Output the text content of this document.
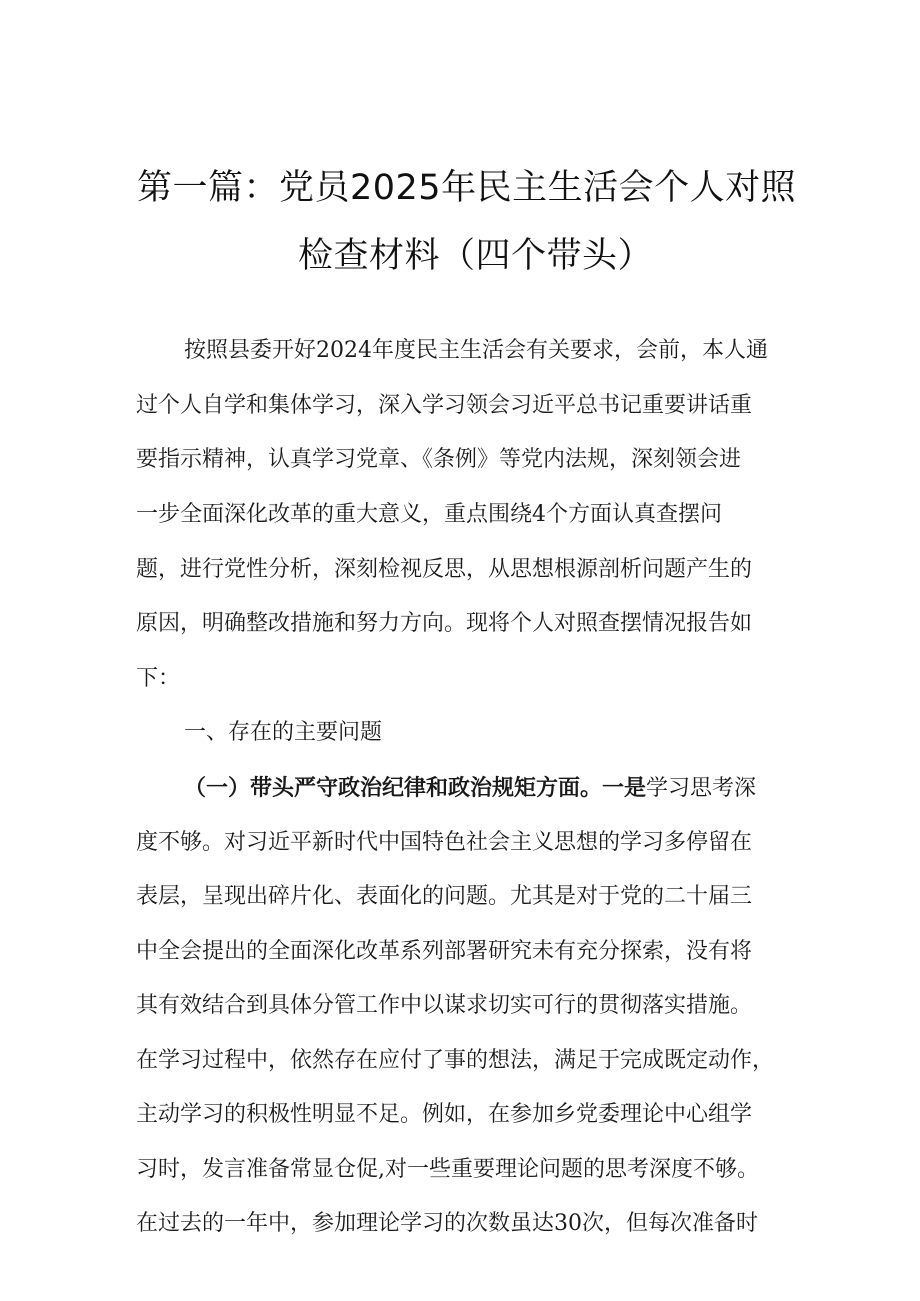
第一篇：党员2025年民主生活会个人对照
检查材料（四个带头）
按照县委开好2024年度民主生活会有关要求，会前，本人通
过个人自学和集体学习，深入学习领会习近平总书记重要讲话重
要指示精神，认真学习党章、《条例》等党内法规，深刻领会进
一步全面深化改革的重大意义，重点围绕4个方面认真查摆问
题，进行党性分析，深刻检视反思，从思想根源剖析问题产生的
原因，明确整改措施和努力方向。现将个人对照查摆情况报告如
下：
一、存在的主要问题
（一）带头严守政治纪律和政治规矩方面。一是学习思考深
度不够。对习近平新时代中国特色社会主义思想的学习多停留在
表层，呈现出碎片化、表面化的问题。尤其是对于党的二十届三
中全会提出的全面深化改革系列部署研究未有充分探索，没有将
其有效结合到具体分管工作中以谋求切实可行的贯彻落实措施。
在学习过程中，依然存在应付了事的想法，满足于完成既定动作，
主动学习的积极性明显不足。例如，在参加乡党委理论中心组学
习时，发言准备常显仓促,对一些重要理论问题的思考深度不够。
在过去的一年中，参加理论学习的次数虽达30次，但每次准备时
